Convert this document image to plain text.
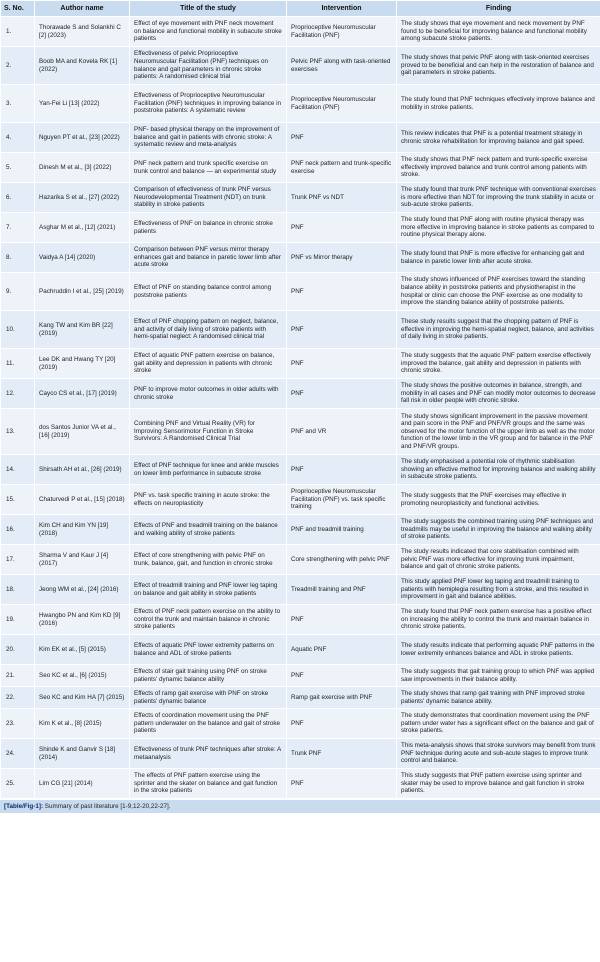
S. No.	Author name	Title of the study	Intervention	Finding
1.	Thorawade S and Solankhi C [2] (2023)	Effect of eye movement with PNF neck movement on balance and functional mobility in subacute stroke patients	Proprioceptive Neuromuscular Facilitation (PNF)	The study shows that eye movement and neck movement by PNF found to be beneficial for improving balance and functional mobility among subacute stroke patients.
2.	Boob MA and Kovela RK [1] (2022)	Effectiveness of pelvic Proprioceptive Neuromuscular Facilitation (PNF) techniques on balance and gait parameters in chronic stroke patients: A randomised clinical trial	Pelvic PNF along with task-oriented exercises	The study shows that pelvic PNF along with task-oriented exercises proved to be beneficial and can help in the restoration of balance and gait parameters in stroke patients.
3.	Yan-Fei Li [13] (2022)	Effectiveness of Proprioceptive Neuromuscular Facilitation (PNF) techniques in improving balance in poststroke patients: A systematic review	Proprioceptive Neuromuscular Facilitation (PNF)	The study found that PNF techniques effectively improve balance and mobility in stroke patients.
4.	Nguyen PT et al., [23] (2022)	PNF- based physical therapy on the improvement of balance and gait in patients with chronic stroke: A systematic review and meta-analysis	PNF	This review indicates that PNF is a potential treatment strategy in chronic stroke rehabilitation for improving balance and gait speed.
5.	Dinesh M et al., [3] (2022)	PNF neck pattern and trunk specific exercise on trunk control and balance — an experimental study	PNF neck pattern and trunk-specific exercise	The study shows that PNF neck pattern and trunk-specific exercise effectively improved balance and trunk control among patients with stroke.
6.	Hazarika S et al., [27] (2022)	Comparison of effectiveness of trunk PNF versus Neurodevelopmental Treatment (NDT) on trunk stability in stroke patients	Trunk PNF vs NDT	The study found that trunk PNF technique with conventional exercises is more effective than NDT for improving the trunk stability in acute or sub-acute stroke patients.
7.	Asghar M et al., [12] (2021)	Effectiveness of PNF on balance in chronic stroke patients	PNF	The study found that PNF along with routine physical therapy was more effective in improving balance in stroke patients as compared to routine physical therapy alone.
8.	Vaidya A [14] (2020)	Comparison between PNF versus mirror therapy enhances gait and balance in paretic lower limb after acute stroke	PNF vs Mirror therapy	The study found that PNF is more effective for enhancing gait and balance in paretic lower limb after acute stroke.
9.	Pachruddin I et al., [25] (2019)	Effect of PNF on standing balance control among poststroke patients	PNF	The study shows influenced of PNF exercises toward the standing balance ability in poststroke patients and physiotherapist in the hospital or clinic can choose the PNF exercise as one modality to improve the standing balance ability of poststroke patients.
10.	Kang TW and Kim BR [22] (2019)	Effect of PNF chopping pattern on neglect, balance, and activity of daily living of stroke patients with hemi-spatial neglect: A randomised clinical trial	PNF	These study results suggest that the chopping pattern of PNF is effective in improving the hemi-spatial neglect, balance, and activities of daily living in stroke patients.
11.	Lee DK and Hwang TY [20] (2019)	Effect of aquatic PNF pattern exercise on balance, gait ability and depression in patients with chronic stroke	PNF	The study suggests that the aquatic PNF pattern exercise effectively improved the balance, gait ability and depression in patients with chronic stroke.
12.	Cayco CS et al., [17] (2019)	PNF to improve motor outcomes in older adults with chronic stroke	PNF	The study shows the positive outcomes in balance, strength, and mobility in all cases and PNF can modify motor outcomes to decrease fall risk in older people with chronic stroke.
13.	dos Santos Junior VA et al., [16] (2019)	Combining PNF and Virtual Reality (VR) for Improving Sensorimotor Function in Stroke Survivors: A Randomised Clinical Trial	PNF and VR	The study shows significant improvement in the passive movement and pain score in the PNF and PNF/VR groups and the same was observed for the motor function of the upper limb as well as the motor function of the lower limb in the VR group and for balance in the PNF and PNF/VR groups.
14.	Shirsath AH et al., [26] (2019)	Effect of PNF technique for knee and ankle muscles on lower limb performance in subacute stroke	PNF	The study emphasised a potential role of rhythmic stabilisation showing an effective method for improving balance and walking ability in subacute stroke patients.
15.	Chaturvedi P et al., [15] (2018)	PNF vs. task specific training in acute stroke: the effects on neuroplasticity	Proprioceptive Neuromuscular Facilitation (PNF) vs. task specific training	The study suggests that the PNF exercises may effective in promoting neuroplasticity and functional activities.
16.	Kim CH and Kim YN [19] (2018)	Effects of PNF and treadmill training on the balance and walking ability of stroke patients	PNF and treadmill training	The study suggests the combined training using PNF techniques and treadmills may be useful in improving the balance and walking ability of stroke patients.
17.	Sharma V and Kaur J [4] (2017)	Effect of core strengthening with pelvic PNF on trunk, balance, gait, and function in chronic stroke	Core strengthening with pelvic PNF	The study results indicated that core stabilisation combined with pelvic PNF was more effective for improving trunk impairment, balance and gait of chronic stroke patients.
18.	Jeong WM et al., [24] (2016)	Effect of treadmill training and PNF lower leg taping on balance and gait ability in stroke patients	Treadmill training and PNF	This study applied PNF lower leg taping and treadmill training to patients with hemiplegia resulting from a stroke, and this resulted in improvement in gait and balance abilities.
19.	Hwangbo PN and Kim KD [9] (2016)	Effects of PNF neck pattern exercise on the ability to control the trunk and maintain balance in chronic stroke patients	PNF	The study found that PNF neck pattern exercise has a positive effect on increasing the ability to control the trunk and maintain balance in chronic stroke patients.
20.	Kim EK et al., [5] (2015)	Effects of aquatic PNF lower extremity patterns on balance and ADL of stroke patients	Aquatic PNF	The study results indicate that performing aquatic PNF patterns in the lower extremity enhances balance and ADL in stroke patients.
21.	Seo KC et al., [6] (2015)	Effects of stair gait training using PNF on stroke patients' dynamic balance ability	PNF	The study suggests that gait training group to which PNF was applied saw improvements in their balance ability.
22.	Seo KC and Kim HA [7] (2015)	Effects of ramp gait exercise with PNF on stroke patients' dynamic balance	Ramp gait exercise with PNF	The study shows that ramp gait training with PNF improved stroke patients' dynamic balance ability.
23.	Kim K et al., [8] (2015)	Effects of coordination movement using the PNF pattern underwater on the balance and gait of stroke patients	PNF	The study demonstrates that coordination movement using the PNF pattern under water has a significant effect on the balance and gait of stroke patients.
24.	Shinde K and Ganvir S [18] (2014)	Effectiveness of trunk PNF techniques after stroke: A metaanalysis	Trunk PNF	This meta-analysis shows that stroke survivors may benefit from trunk PNF technique during acute and sub-acute stages to improve trunk control and balance.
25.	Lim CG [21] (2014)	The effects of PNF pattern exercise using the sprinter and the skater on balance and gait function in the stroke patients	PNF	This study suggests that PNF pattern exercise using sprinter and skater may be used to improve balance and gait function in stroke patients.
[Table/Fig-1]: Summary of past literature [1-9,12-20,22-27].
